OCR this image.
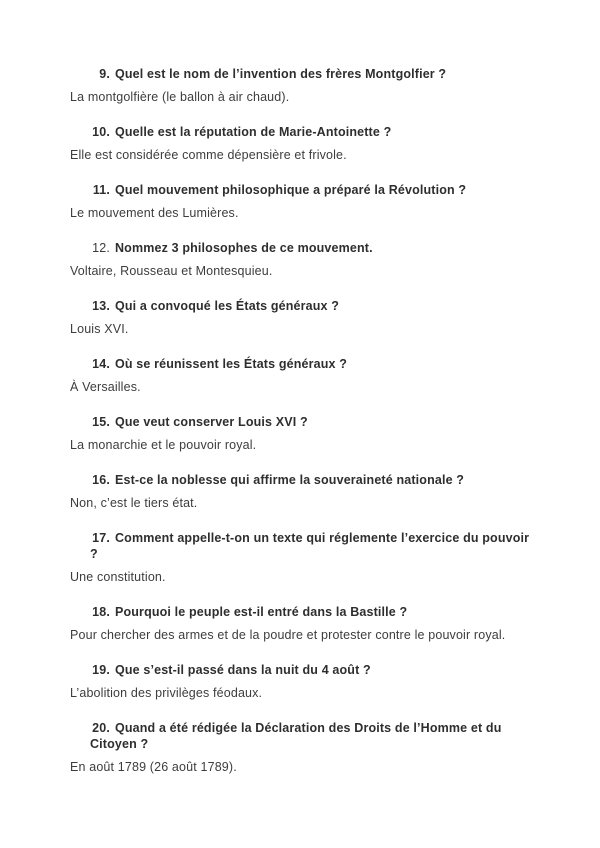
9. Quel est le nom de l’invention des frères Montgolfier ?

La montgolfière (le ballon à air chaud).

10. Quelle est la réputation de Marie-Antoinette ?

Elle est considérée comme dépensière et frivole.

11. Quel mouvement philosophique a préparé la Révolution ?

Le mouvement des Lumières.

12. Nommez 3 philosophes de ce mouvement.

Voltaire, Rousseau et Montesquieu.

13. Qui a convoqué les États généraux ?

Louis XVI.

14. Où se réunissent les États généraux ?

À Versailles.

15. Que veut conserver Louis XVI ?

La monarchie et le pouvoir royal.

16. Est-ce la noblesse qui affirme la souveraineté nationale ?

Non, c’est le tiers état.

17. Comment appelle-t-on un texte qui réglemente l’exercice du pouvoir ?

Une constitution.

18. Pourquoi le peuple est-il entré dans la Bastille ?

Pour chercher des armes et de la poudre et protester contre le pouvoir royal.

19. Que s’est-il passé dans la nuit du 4 août ?

L’abolition des privilèges féodaux.

20. Quand a été rédigée la Déclaration des Droits de l’Homme et du Citoyen ?

En août 1789 (26 août 1789).
